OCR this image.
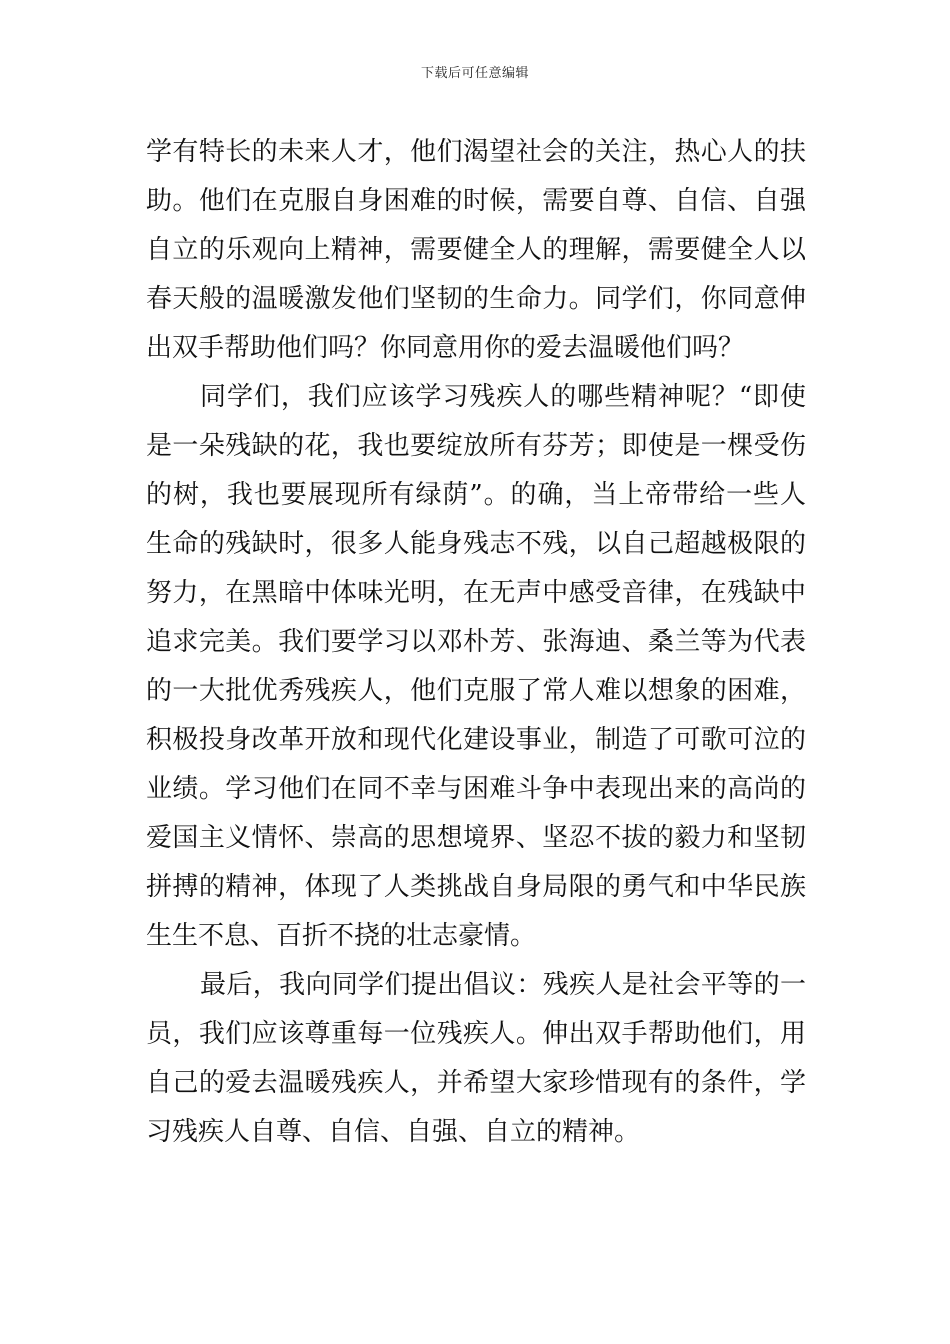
下载后可任意编辑
学有特长的未来人才，他们渴望社会的关注，热心人的扶
助。他们在克服自身困难的时候，需要自尊、自信、自强
自立的乐观向上精神，需要健全人的理解，需要健全人以
春天般的温暖激发他们坚韧的生命力。同学们，你同意伸
出双手帮助他们吗？你同意用你的爱去温暖他们吗？
同学们，我们应该学习残疾人的哪些精神呢？“即使
是一朵残缺的花，我也要绽放所有芬芳；即使是一棵受伤
的树，我也要展现所有绿荫”。的确，当上帝带给一些人
生命的残缺时，很多人能身残志不残，以自己超越极限的
努力，在黑暗中体味光明，在无声中感受音律，在残缺中
追求完美。我们要学习以邓朴芳、张海迪、桑兰等为代表
的一大批优秀残疾人，他们克服了常人难以想象的困难，
积极投身改革开放和现代化建设事业，制造了可歌可泣的
业绩。学习他们在同不幸与困难斗争中表现出来的高尚的
爱国主义情怀、崇高的思想境界、坚忍不拔的毅力和坚韧
拼搏的精神，体现了人类挑战自身局限的勇气和中华民族
生生不息、百折不挠的壮志豪情。
最后，我向同学们提出倡议：残疾人是社会平等的一
员，我们应该尊重每一位残疾人。伸出双手帮助他们，用
自己的爱去温暖残疾人，并希望大家珍惜现有的条件，学
习残疾人自尊、自信、自强、自立的精神。
